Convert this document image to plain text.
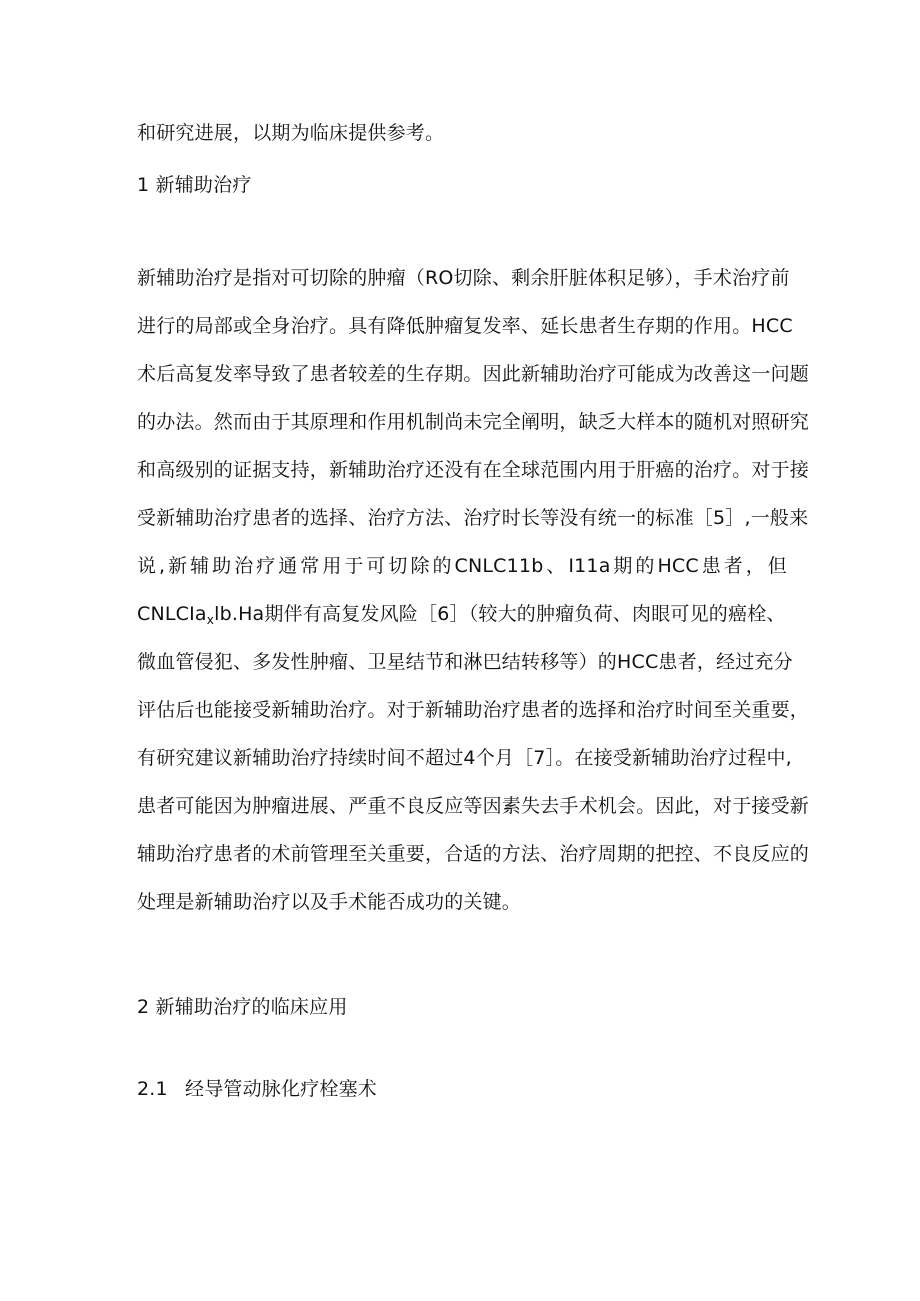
和研究进展，以期为临床提供参考。
1 新辅助治疗
新辅助治疗是指对可切除的肿瘤（RO切除、剩余肝脏体积足够），手术治疗前
进行的局部或全身治疗。具有降低肿瘤复发率、延长患者生存期的作用。HCC
术后高复发率导致了患者较差的生存期。因此新辅助治疗可能成为改善这一问题
的办法。然而由于其原理和作用机制尚未完全阐明，缺乏大样本的随机对照研究
和高级别的证据支持，新辅助治疗还没有在全球范围内用于肝癌的治疗。对于接
受新辅助治疗患者的选择、治疗方法、治疗时长等没有统一的标准［5］,一般来
说,新辅助治疗通常用于可切除的CNLC11b、I11a期的HCC患者，但
CNLCIa$_x$lb.Ha期伴有高复发风险［6］（较大的肿瘤负荷、肉眼可见的癌栓、
微血管侵犯、多发性肿瘤、卫星结节和淋巴结转移等）的HCC患者，经过充分
评估后也能接受新辅助治疗。对于新辅助治疗患者的选择和治疗时间至关重要，
有研究建议新辅助治疗持续时间不超过4个月［7］。在接受新辅助治疗过程中,
患者可能因为肿瘤进展、严重不良反应等因素失去手术机会。因此，对于接受新
辅助治疗患者的术前管理至关重要，合适的方法、治疗周期的把控、不良反应的
处理是新辅助治疗以及手术能否成功的关键。
2 新辅助治疗的临床应用
2.1 经导管动脉化疗栓塞术
